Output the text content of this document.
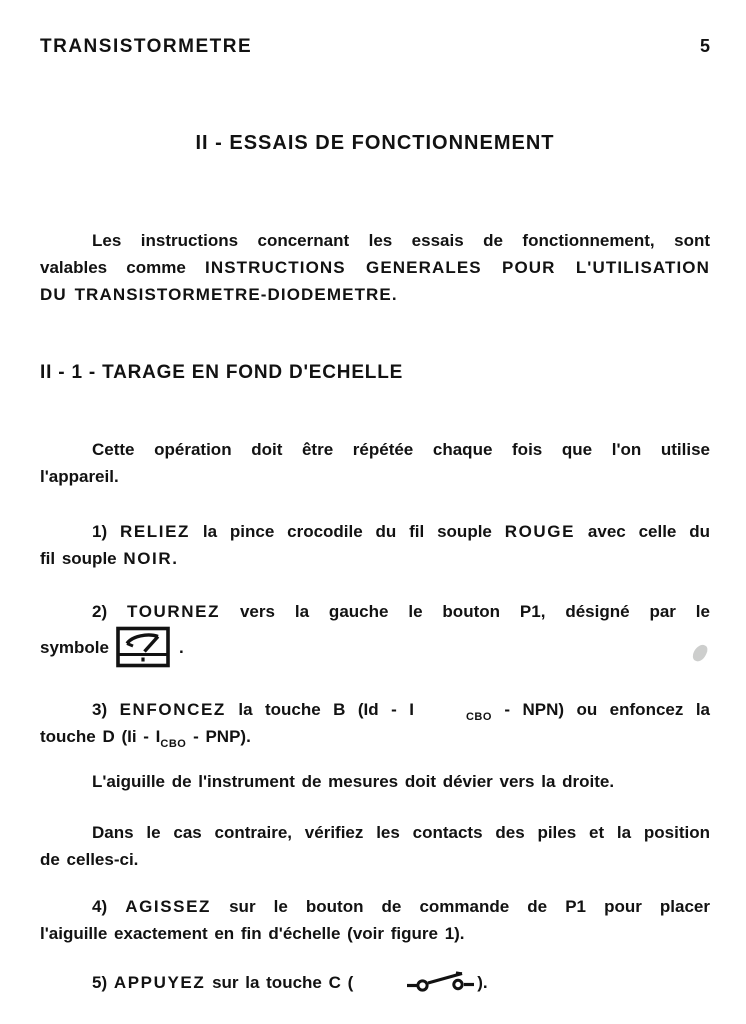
TRANSISTORMETRE	5
II - ESSAIS DE FONCTIONNEMENT
Les instructions concernant les essais de fonctionnement, sont
valables comme INSTRUCTIONS GENERALES POUR L'UTILISATION
DU TRANSISTORMETRE-DIODEMETRE.
II - 1 - TARAGE EN FOND D'ECHELLE
Cette opération doit être répétée chaque fois que l'on utilise
l'appareil.
1) RELIEZ la pince crocodile du fil souple ROUGE avec celle du
fil souple NOIR.
2) TOURNEZ vers la gauche le bouton P1, désigné par le
symbole	.
3) ENFONCEZ la touche B (Id - I	CBO - NPN) ou enfoncez la
touche D (Ii - ICBO - PNP).
L'aiguille de l'instrument de mesures doit dévier vers la droite.
Dans le cas contraire, vérifiez les contacts des piles et la position
de celles-ci.
4) AGISSEZ sur le bouton de commande de P1 pour placer
l'aiguille exactement en fin d'échelle (voir figure 1).
5) APPUYEZ sur la touche C (	).
